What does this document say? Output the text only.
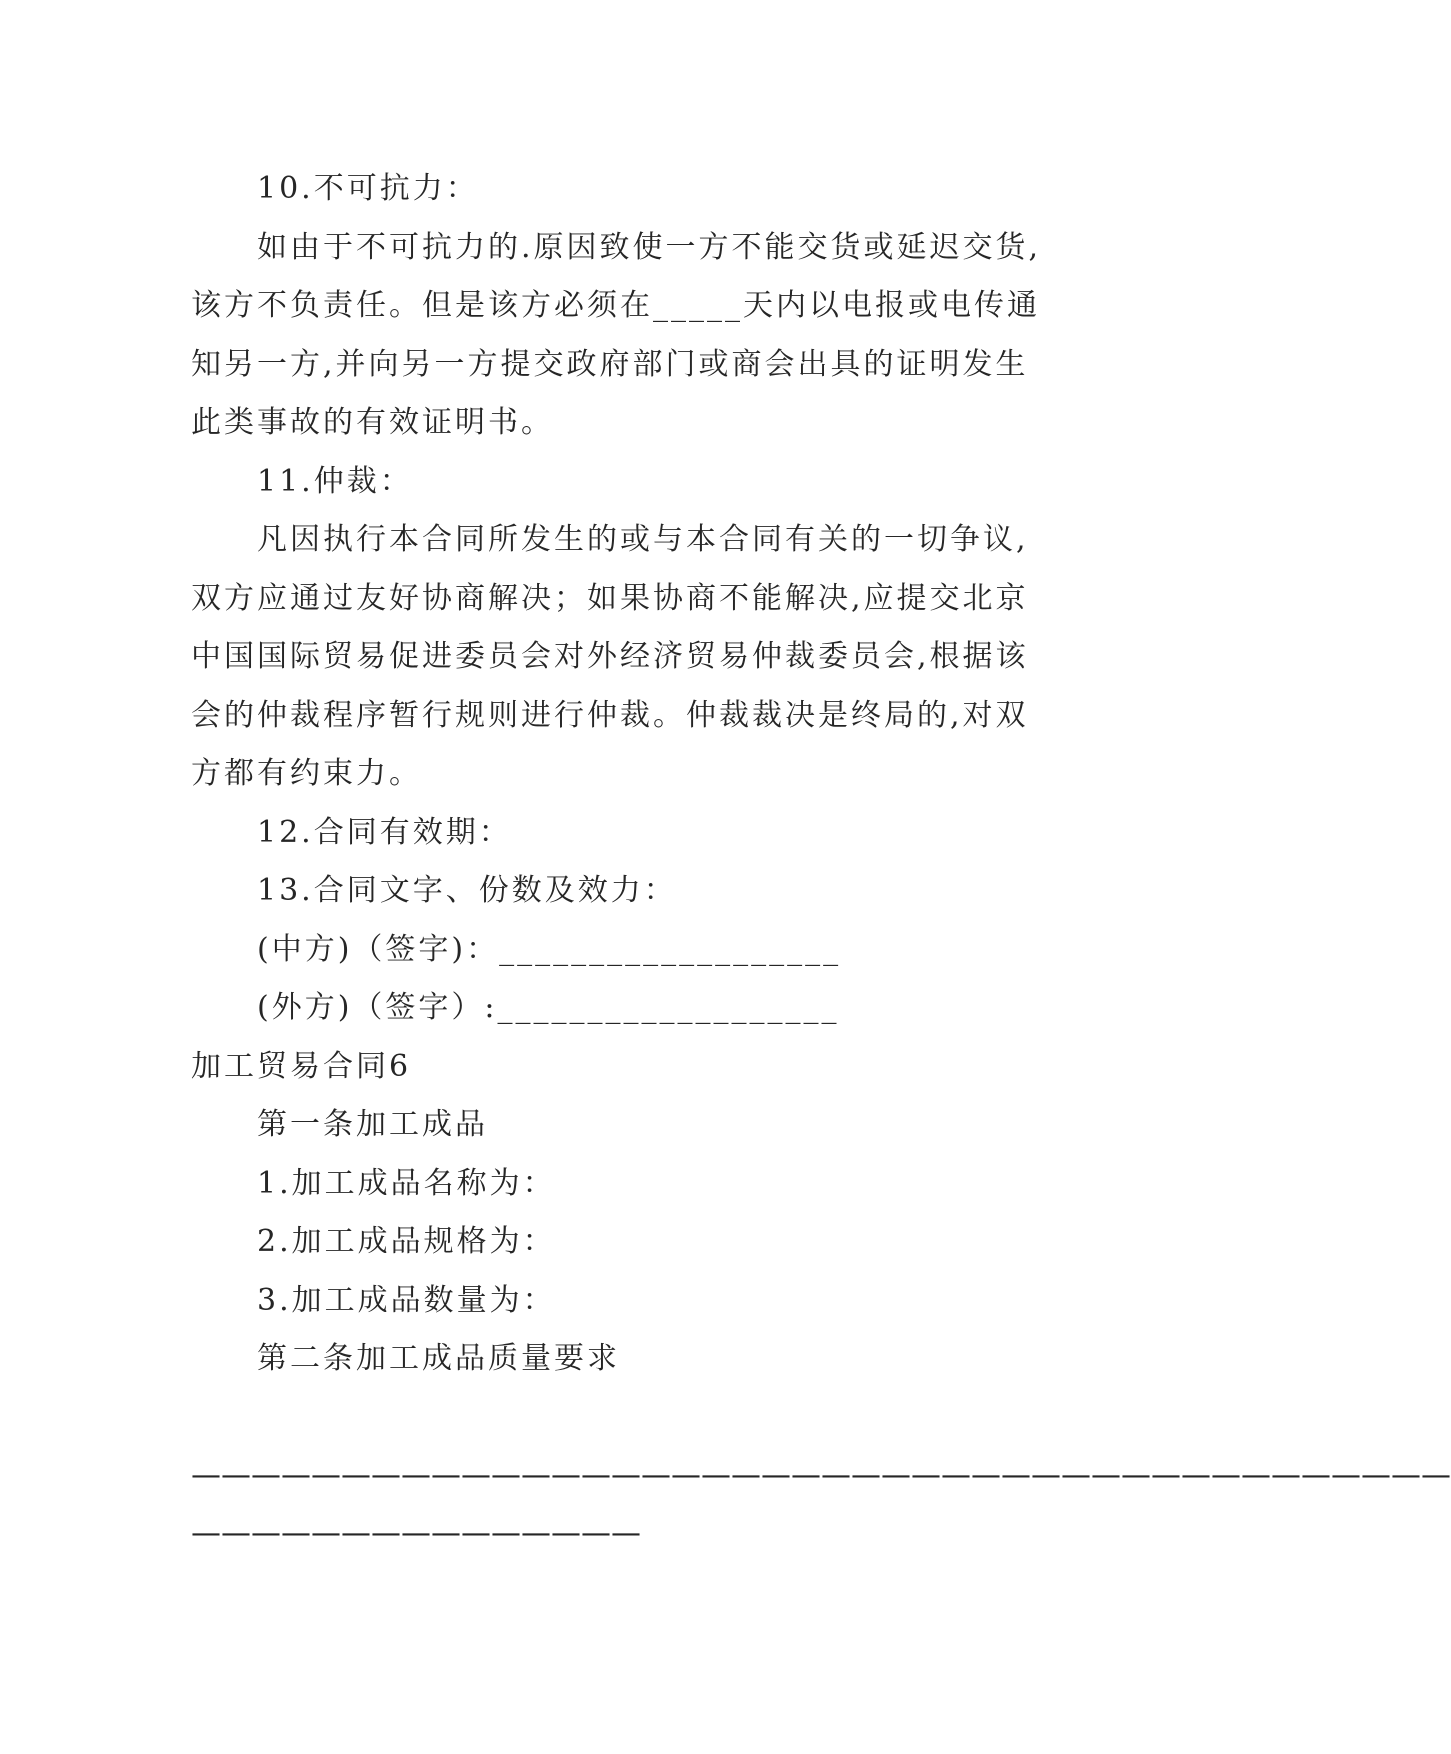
10.不可抗力：

如由于不可抗力的.原因致使一方不能交货或延迟交货,

该方不负责任。但是该方必须在_____天内以电报或电传通

知另一方,并向另一方提交政府部门或商会出具的证明发生

此类事故的有效证明书。

11.仲裁：

凡因执行本合同所发生的或与本合同有关的一切争议,

双方应通过友好协商解决；如果协商不能解决,应提交北京

中国国际贸易促进委员会对外经济贸易仲裁委员会,根据该

会的仲裁程序暂行规则进行仲裁。仲裁裁决是终局的,对双

方都有约束力。

12.合同有效期：

13.合同文字、份数及效力：

(中方)（签字)：___________________

(外方)（签字）:___________________

加工贸易合同6

第一条加工成品

1.加工成品名称为：

2.加工成品规格为：

3.加工成品数量为：

第二条加工成品质量要求

——————————————————————————————————————————

———————————————
